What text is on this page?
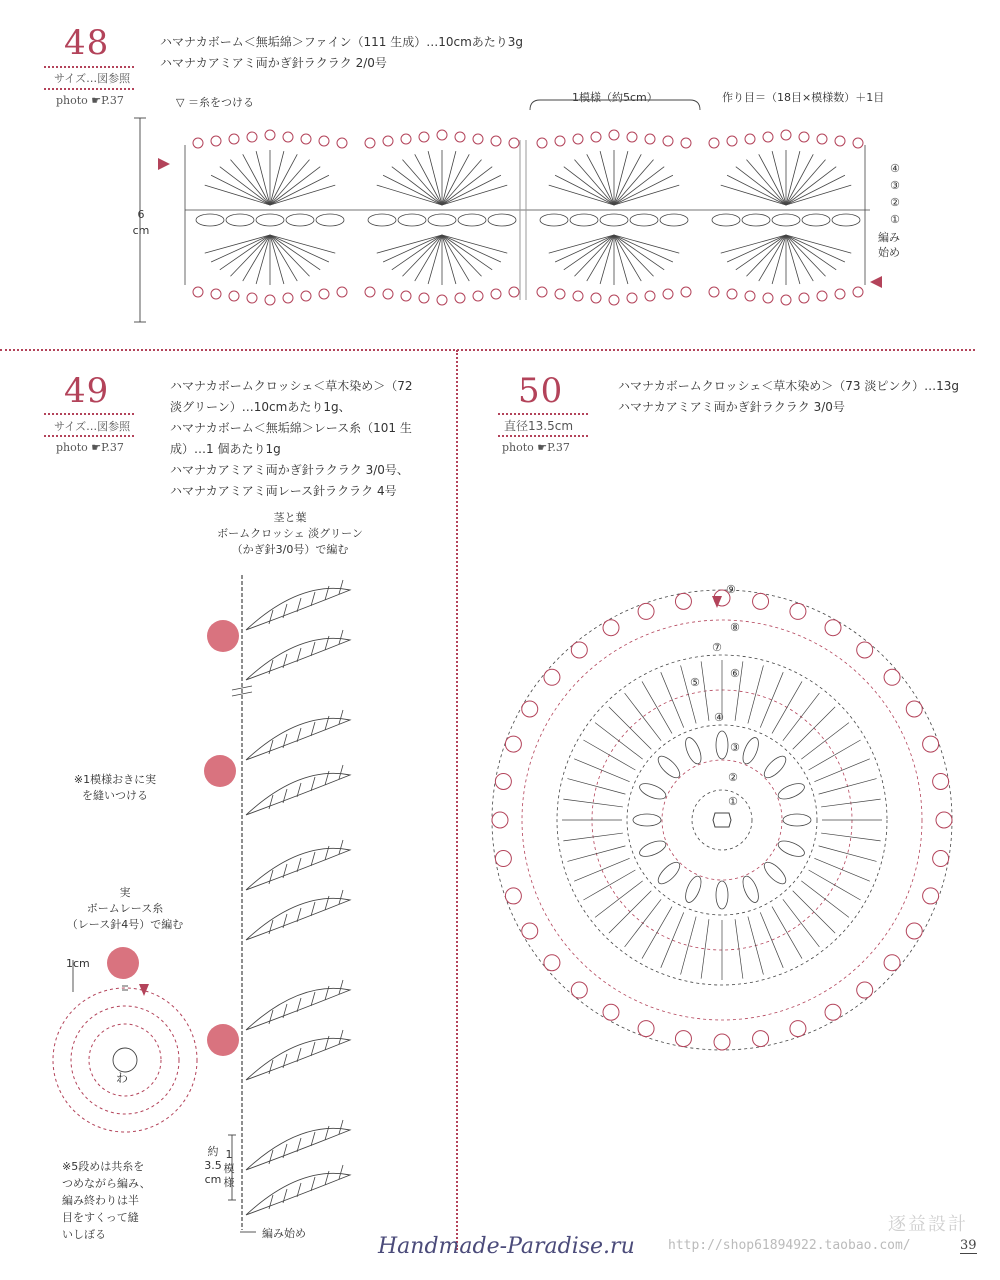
48
サイズ…図参照
photo ☛P.37
ハマナカボーム＜無垢綿＞ファイン（111 生成）…10cmあたり3g
ハマナカアミアミ両かぎ針ラクラク 2/0号
▽ ＝糸をつける	1模様（約5cm）	作り目＝（18目×模様数）＋1目
6
cm
④
③
②
①
編み
始め
49
サイズ…図参照
photo ☛P.37
ハマナカボームクロッシェ＜草木染め＞（72
淡グリーン）…10cmあたり1g、
ハマナカボーム＜無垢綿＞レース糸（101 生
成）…1 個あたり1g
ハマナカアミアミ両かぎ針ラクラク 3/0号、
ハマナカアミアミ両レース針ラクラク 4号
茎と葉
ボームクロッシェ 淡グリーン
（かぎ針3/0号）で編む
※1模様おきに実
を縫いつける
実
ボームレース糸
（レース針4号）で編む
1cm
わ
※5段めは共糸を
つめながら編み、
編み終わりは半
目をすくって縫
いしぼる
約
3.5
cm
1
模
様
編み始め
50
直径13.5cm
photo ☛P.37
ハマナカボームクロッシェ＜草木染め＞（73 淡ピンク）…13g
ハマナカアミアミ両かぎ針ラクラク 3/0号
⑨
⑧
⑦
⑥
⑤
④
③
②
①
逐益設計
Handmade-Paradise.ru	http://shop61894922.taobao.com/	39
